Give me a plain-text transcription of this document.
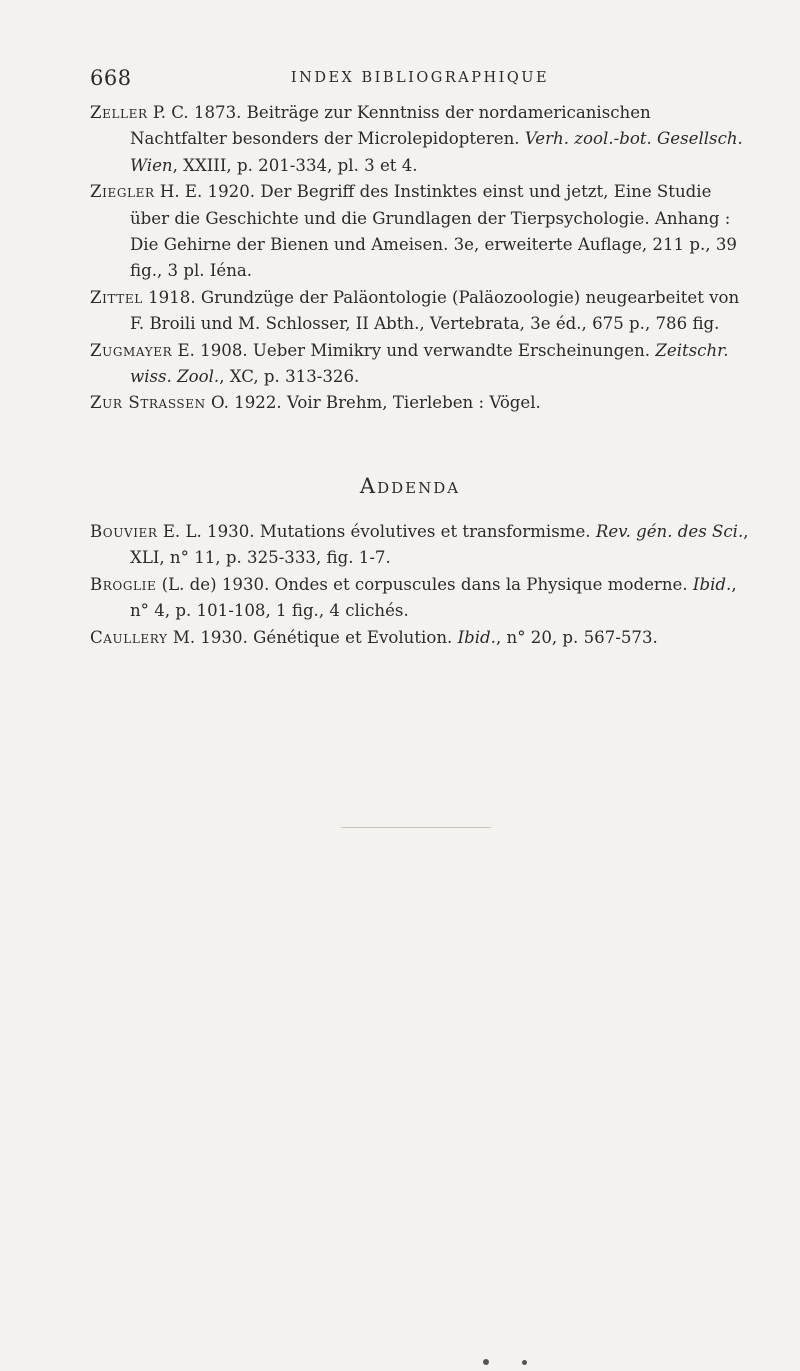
668	INDEX BIBLIOGRAPHIQUE

Zeller P. C. 1873. Beiträge zur Kenntniss der nordamericanischen Nachtfalter besonders der Microlepidopteren. Verh. zool.-bot. Gesellsch. Wien, XXIII, p. 201-334, pl. 3 et 4.

Ziegler H. E. 1920. Der Begriff des Instinktes einst und jetzt, Eine Studie über die Geschichte und die Grundlagen der Tierpsychologie. Anhang : Die Gehirne der Bienen und Ameisen. 3e, erweiterte Auflage, 211 p., 39 fig., 3 pl. Iéna.

Zittel 1918. Grundzüge der Paläontologie (Paläozoologie) neugearbeitet von F. Broili und M. Schlosser, II Abth., Vertebrata, 3e éd., 675 p., 786 fig.

Zugmayer E. 1908. Ueber Mimikry und verwandte Erscheinungen. Zeitschr. wiss. Zool., XC, p. 313-326.

Zur Strassen O. 1922. Voir Brehm, Tierleben : Vögel.

Addenda

Bouvier E. L. 1930. Mutations évolutives et transformisme. Rev. gén. des Sci., XLI, n° 11, p. 325-333, fig. 1-7.

Broglie (L. de) 1930. Ondes et corpuscules dans la Physique moderne. Ibid., n° 4, p. 101-108, 1 fig., 4 clichés.

Caullery M. 1930. Génétique et Evolution. Ibid., n° 20, p. 567-573.
